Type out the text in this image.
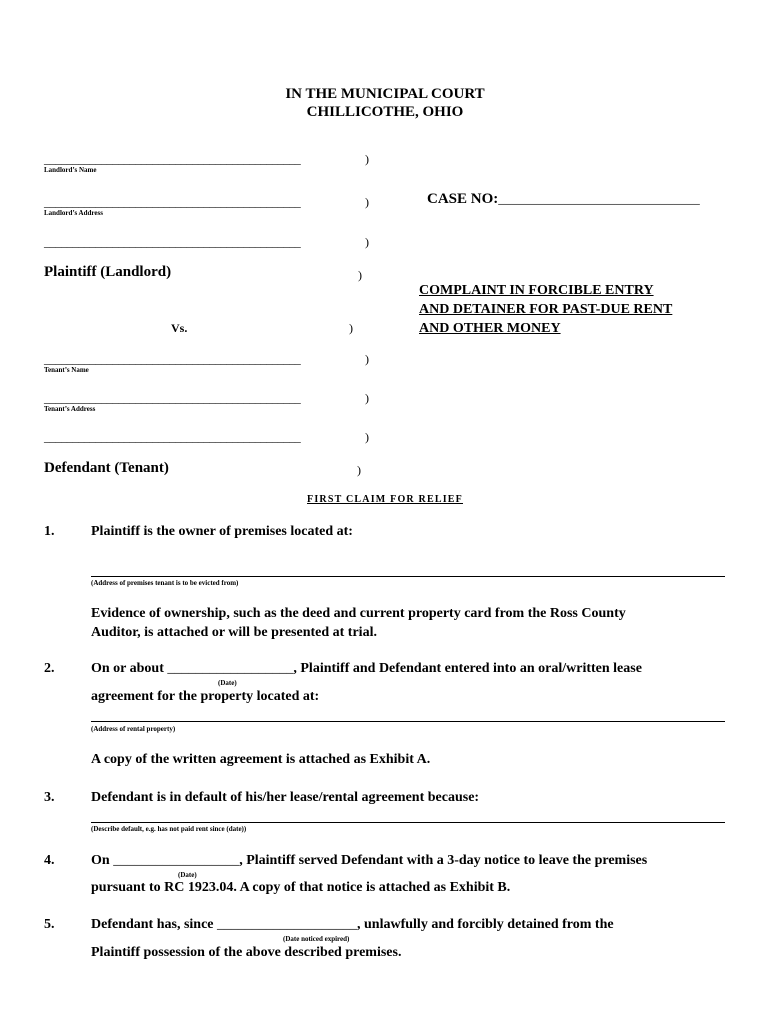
IN THE MUNICIPAL COURT
CHILLICOTHE, OHIO
_____________________________________________	)
Landlord’s Name
_____________________________________________	)
Landlord’s Address
CASE NO:_______________________________
_____________________________________________	)
Plaintiff (Landlord)	)
COMPLAINT IN FORCIBLE ENTRY
AND DETAINER FOR PAST-DUE RENT
AND OTHER MONEY
Vs.	)
_____________________________________________	)
Tenant’s Name
_____________________________________________	)
Tenant’s Address
_____________________________________________	)
Defendant (Tenant)	)
FIRST CLAIM FOR RELIEF
1.	Plaintiff is the owner of premises located at:
(Address of premises tenant is to be evicted from)
Evidence of ownership, such as the deed and current property card from the Ross County
Auditor, is attached or will be presented at trial.
2.	On or about __________________, Plaintiff and Defendant entered into an oral/written lease
(Date)
agreement for the property located at:
(Address of rental property)
A copy of the written agreement is attached as Exhibit A.
3.	Defendant is in default of his/her lease/rental agreement because:
(Describe default, e.g. has not paid rent since (date))
4.	On __________________, Plaintiff served Defendant with a 3-day notice to leave the premises
(Date)
pursuant to RC 1923.04. A copy of that notice is attached as Exhibit B.
5.	Defendant has, since ____________________, unlawfully and forcibly detained from the
(Date noticed expired)
Plaintiff possession of the above described premises.
